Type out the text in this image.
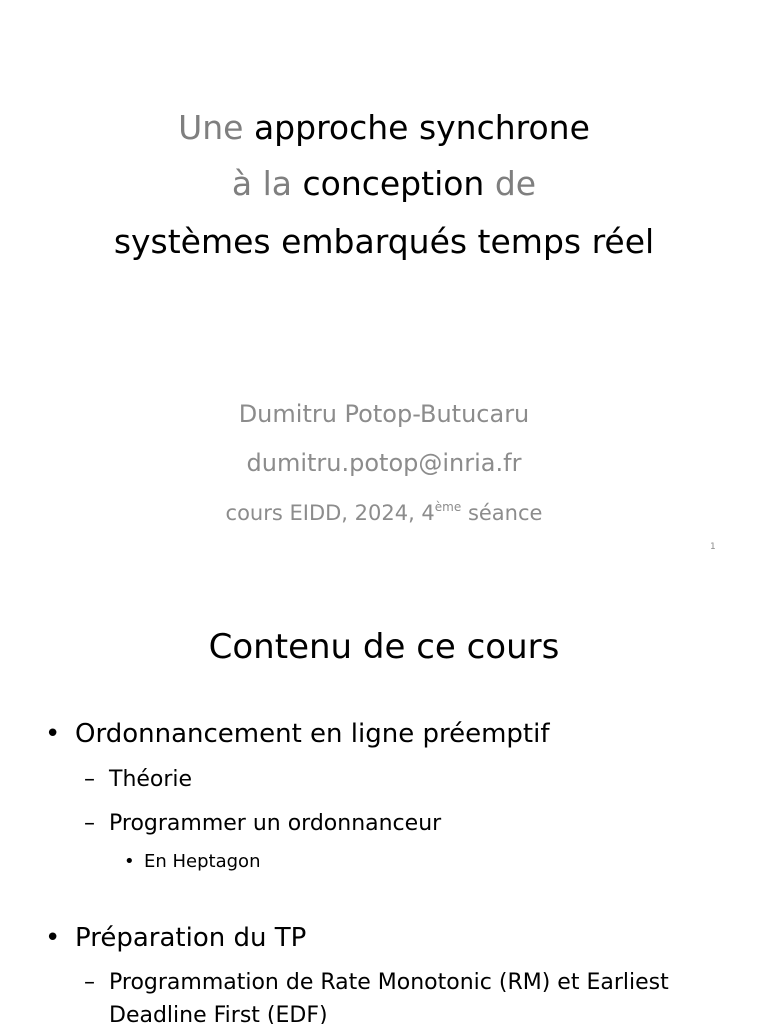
Une approche synchrone
à la conception de
systèmes embarqués temps réel
Dumitru Potop-Butucaru
dumitru.potop@inria.fr
cours EIDD, 2024, 4ème séance
1
Contenu de ce cours
• Ordonnancement en ligne préemptif
– Théorie
– Programmer un ordonnanceur
• En Heptagon
• Préparation du TP
– Programmation de Rate Monotonic (RM) et Earliest
Deadline First (EDF)
